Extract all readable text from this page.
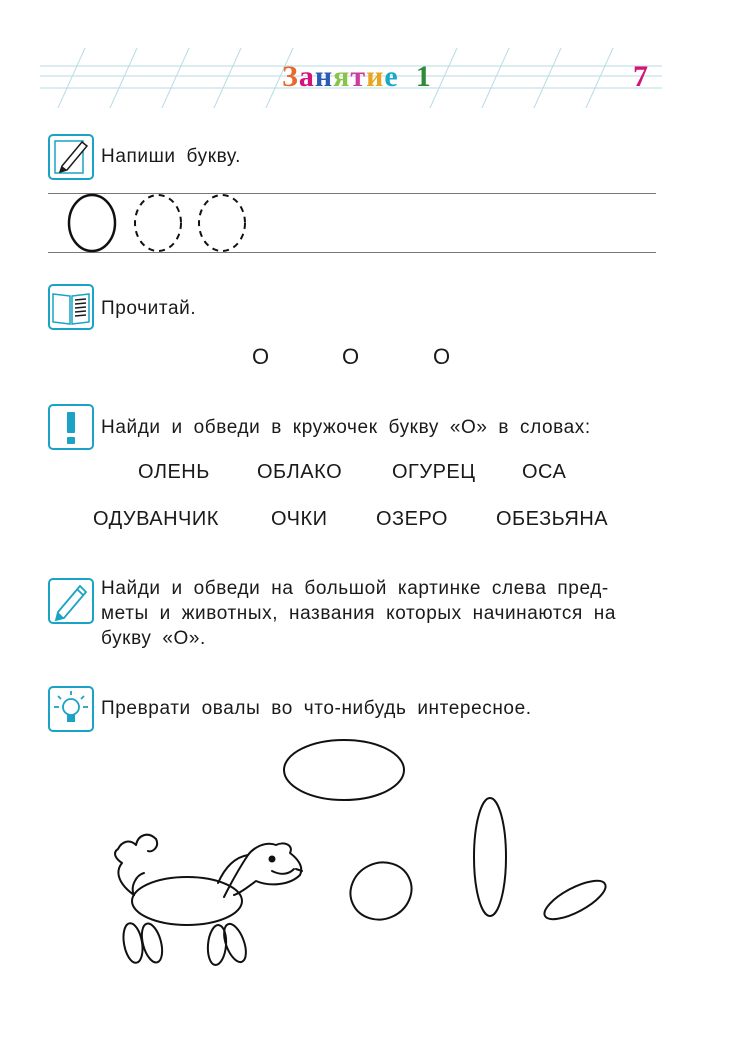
Занятие 1	7
Напиши букву.
Прочитай.
О	О	О
Найди и обведи в кружочек букву «О» в словах:
ОЛЕНЬ ОБЛАКО ОГУРЕЦ ОСА
ОДУВАНЧИК	ОЧКИ ОЗЕРО ОБЕЗЬЯНА
Найди и обведи на большой картинке слева пред-
меты и животных, названия которых начинаются на
букву «О».
Преврати овалы во что-нибудь интересное.
